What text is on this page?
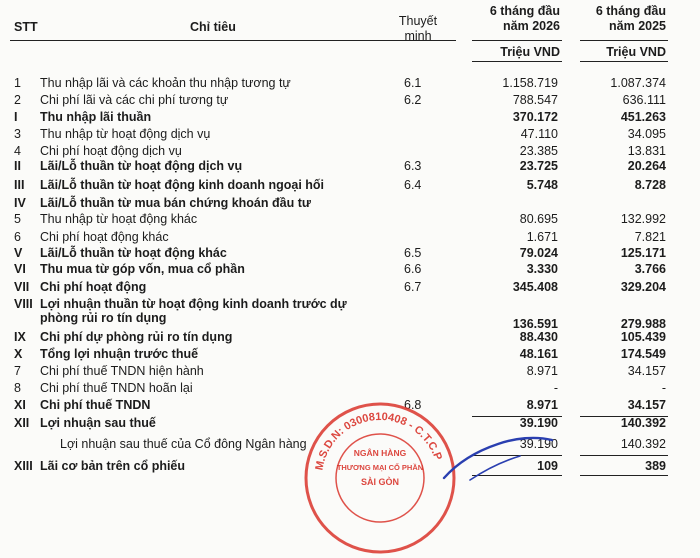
STT	Chỉ tiêu	Thuyết minh
6 tháng đầu năm 2026
6 tháng đầu năm 2025
Triệu VND	Triệu VND
1	Thu nhập lãi và các khoản thu nhập tương tự	6.1	1.158.719	1.087.374
2	Chi phí lãi và các chi phí tương tự	6.2	788.547	636.111
I	Thu nhập lãi thuần	370.172	451.263
3	Thu nhập từ hoạt động dịch vụ	47.110	34.095
4	Chi phí hoạt động dịch vụ	23.385	13.831
II	Lãi/Lỗ thuần từ hoạt động dịch vụ	6.3	23.725	20.264
III	Lãi/Lỗ thuần từ hoạt động kinh doanh ngoại hối	6.4	5.748	8.728
IV	Lãi/Lỗ thuần từ mua bán chứng khoán đầu tư
5	Thu nhập từ hoạt động khác	80.695	132.992
6	Chi phí hoạt động khác	1.671	7.821
V	Lãi/Lỗ thuần từ hoạt động khác	6.5	79.024	125.171
VI	Thu mua từ góp vốn, mua cổ phần	6.6	3.330	3.766
VII Chi phí hoạt động	6.7	345.408	329.204
VIII Lợi nhuận thuần từ hoạt động kinh doanh trước dự phòng rủi ro tín dụng	136.591	279.988
IX	Chi phí dự phòng rủi ro tín dụng	88.430	105.439
X	Tổng lợi nhuận trước thuế	48.161	174.549
7	Chi phí thuế TNDN hiện hành	8.971	34.157
8	Chi phí thuế TNDN hoãn lại	-	-
XI	Chi phí thuế TNDN	6.8	8.971	34.157
XII Lợi nhuận sau thuế	39.190	140.392
Lợi nhuận sau thuế của Cổ đông Ngân hàng	39.190	140.392
XIII Lãi cơ bản trên cổ phiếu	109	389
M.S.D.N: 0300810408 - C.T.C.P
NGÂN HÀNG
THƯƠNG MẠI CỔ PHẦN
SÀI GÒN
